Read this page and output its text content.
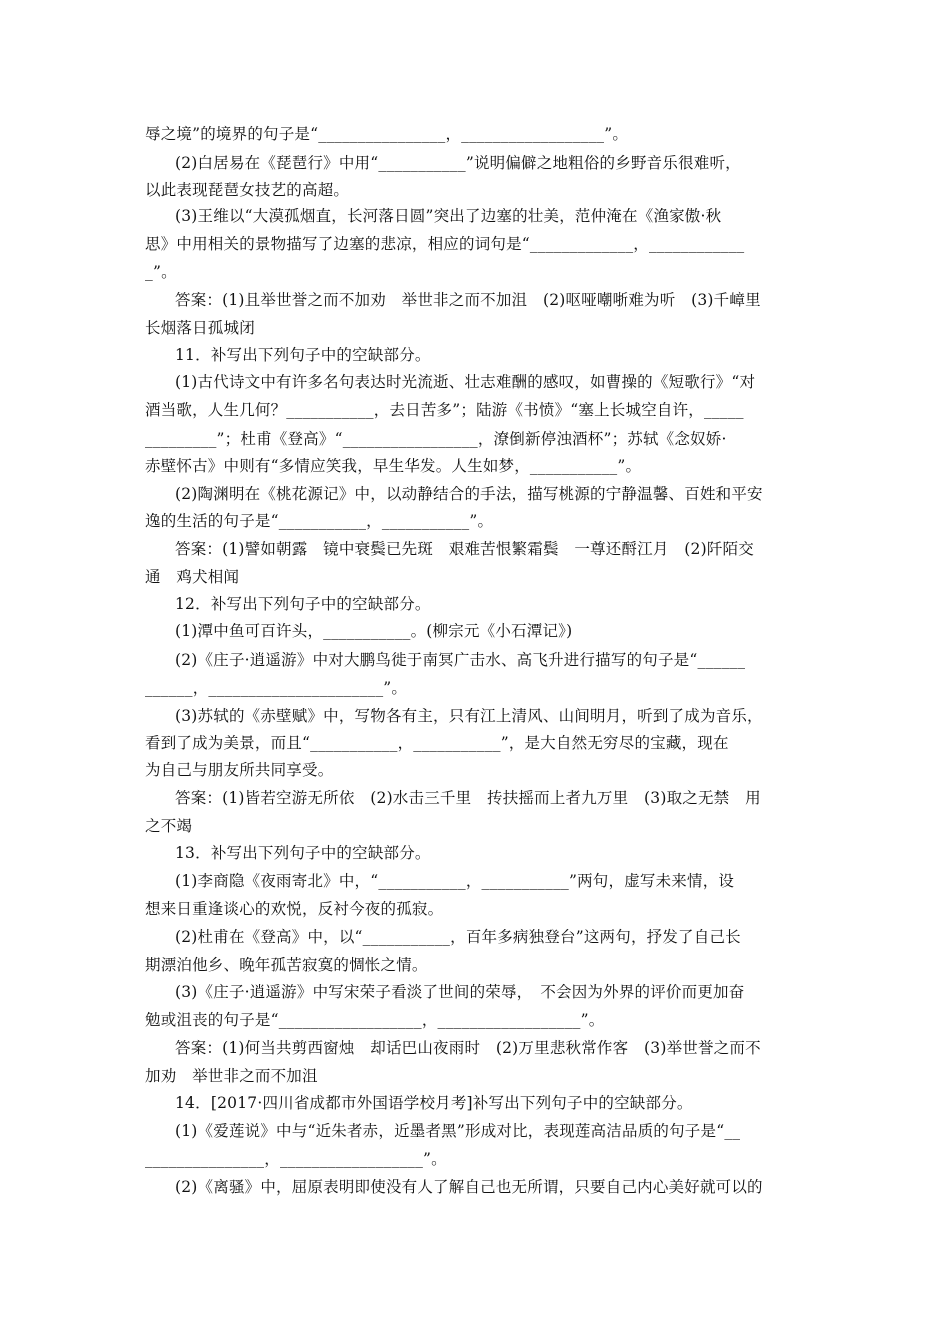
辱之境”的境界的句子是“________________，__________________”。
(2)白居易在《琵琶行》中用“___________”说明偏僻之地粗俗的乡野音乐很难听，
以此表现琵琶女技艺的高超。
(3)王维以“大漠孤烟直，长河落日圆”突出了边塞的壮美，范仲淹在《渔家傲·秋
思》中用相关的景物描写了边塞的悲凉，相应的词句是“_____________，____________
_”。
答案：(1)且举世誉之而不加劝　举世非之而不加沮　(2)呕哑嘲哳难为听　(3)千嶂里
长烟落日孤城闭
11．补写出下列句子中的空缺部分。
(1)古代诗文中有许多名句表达时光流逝、壮志难酬的感叹，如曹操的《短歌行》“对
酒当歌，人生几何？___________，去日苦多”；陆游《书愤》“塞上长城空自许，_____
_________”；杜甫《登高》“_________________，潦倒新停浊酒杯”；苏轼《念奴娇·
赤壁怀古》中则有“多情应笑我，早生华发。人生如梦，___________”。
(2)陶渊明在《桃花源记》中，以动静结合的手法，描写桃源的宁静温馨、百姓和平安
逸的生活的句子是“___________，___________”。
答案：(1)譬如朝露　镜中衰鬓已先斑　艰难苦恨繁霜鬓　一尊还酹江月　(2)阡陌交
通　鸡犬相闻
12．补写出下列句子中的空缺部分。
(1)潭中鱼可百许头，___________。(柳宗元《小石潭记》)
(2)《庄子·逍遥游》中对大鹏鸟徙于南冥广击水、高飞升进行描写的句子是“______
______，______________________”。
(3)苏轼的《赤壁赋》中，写物各有主，只有江上清风、山间明月，听到了成为音乐，
看到了成为美景，而且“___________，___________”，是大自然无穷尽的宝藏，现在
为自己与朋友所共同享受。
答案：(1)皆若空游无所依　(2)水击三千里　抟扶摇而上者九万里　(3)取之无禁　用
之不竭
13．补写出下列句子中的空缺部分。
(1)李商隐《夜雨寄北》中，“___________，___________”两句，虚写未来情，设
想来日重逢谈心的欢悦，反衬今夜的孤寂。
(2)杜甫在《登高》中，以“___________，百年多病独登台”这两句，抒发了自己长
期漂泊他乡、晚年孤苦寂寞的惆怅之情。
(3)《庄子·逍遥游》中写宋荣子看淡了世间的荣辱，　不会因为外界的评价而更加奋
勉或沮丧的句子是“__________________，__________________”。
答案：(1)何当共剪西窗烛　却话巴山夜雨时　(2)万里悲秋常作客　(3)举世誉之而不
加劝　举世非之而不加沮
14．[2017·四川省成都市外国语学校月考]补写出下列句子中的空缺部分。
(1)《爱莲说》中与“近朱者赤，近墨者黑”形成对比，表现莲高洁品质的句子是“__
_______________，__________________”。
(2)《离骚》中，屈原表明即使没有人了解自己也无所谓，只要自己内心美好就可以的
